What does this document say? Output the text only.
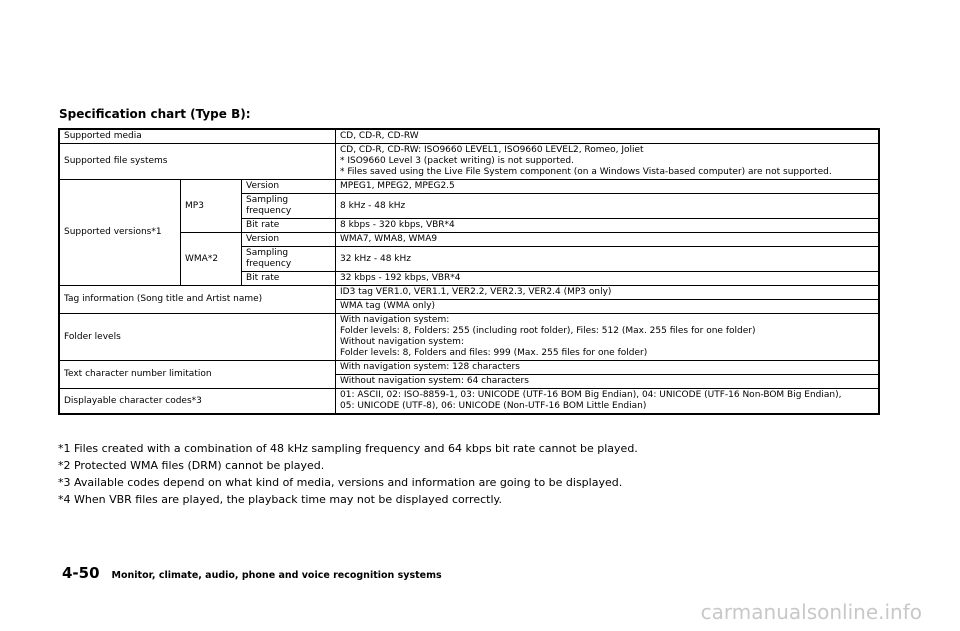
Specification chart (Type B):
Supported media			CD, CD-R, CD-RW
Supported file systems			CD, CD-R, CD-RW: ISO9660 LEVEL1, ISO9660 LEVEL2, Romeo, Joliet
* ISO9660 Level 3 (packet writing) is not supported.
* Files saved using the Live File System component (on a Windows Vista-based computer) are not supported.

Supported versions*1	MP3	Version	MPEG1, MPEG2, MPEG2.5
		Sampling frequency	8 kHz - 48 kHz
		Bit rate	8 kbps - 320 kbps, VBR*4
	WMA*2	Version	WMA7, WMA8, WMA9
		Sampling frequency	32 kHz - 48 kHz
		Bit rate	32 kbps - 192 kbps, VBR*4
Tag information (Song title and Artist name)			ID3 tag VER1.0, VER1.1, VER2.2, VER2.3, VER2.4 (MP3 only)
			WMA tag (WMA only)
Folder levels			With navigation system:
Folder levels: 8, Folders: 255 (including root folder), Files: 512 (Max. 255 files for one folder)
Without navigation system:
Folder levels: 8, Folders and files: 999 (Max. 255 files for one folder)

Text character number limitation			With navigation system: 128 characters
			Without navigation system: 64 characters
Displayable character codes*3			01: ASCII, 02: ISO-8859-1, 03: UNICODE (UTF-16 BOM Big Endian), 04: UNICODE (UTF-16 Non-BOM Big Endian),
05: UNICODE (UTF-8), 06: UNICODE (Non-UTF-16 BOM Little Endian)
*1 Files created with a combination of 48 kHz sampling frequency and 64 kbps bit rate cannot be played.
*2 Protected WMA files (DRM) cannot be played.
*3 Available codes depend on what kind of media, versions and information are going to be displayed.
*4 When VBR files are played, the playback time may not be displayed correctly.
4-50 Monitor, climate, audio, phone and voice recognition systems
carmanualsonline.info
